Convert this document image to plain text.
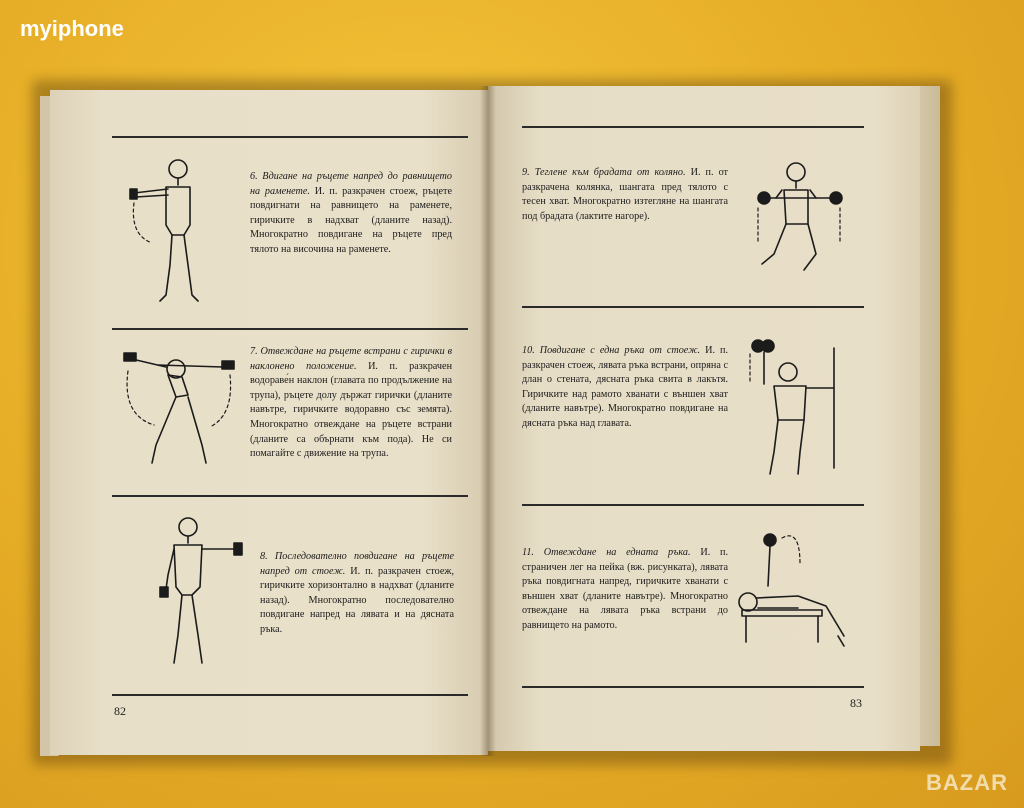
myiphone
BAZAR
6. Вдигане на ръцете напред до равнището на раменете. И. п. разкрачен стоеж, ръцете повдигнати на равнището на раменете, гиричките в надхват (дланите назад). Многократно повдигане на ръцете пред тялото на височина на раменете.
7. Отвеждане на ръцете встрани с гирички в наклонено положение. И. п. разкрачен водораве́н наклон (главата по продължение на трупа), ръцете долу държат гирички (дланите навътре, гиричките водоравно със земята). Многократно отвеждане на ръцете встрани (дланите са обърнати към пода). Не си помагайте с движение на трупа.
8. Последователно повдигане на ръцете напред от стоеж. И. п. разкрачен стоеж, гиричките хоризонтално в надхват (дланите назад). Многократно последователно повдигане напред на лявата и на дясната ръка.
82
9. Теглене към брадата от коляно. И. п. от разкрачена колянка, шангата пред тялото с тесен хват. Многократно изтегляне на шангата под брадата (лактите нагоре).
10. Повдигане с една ръка от стоеж. И. п. разкрачен стоеж, лявата ръка встрани, опряна с длан о стената, дясната ръка свита в лакътя. Гиричките над рамото хванати с външен хват (дланите навътре). Многократно повдигане на дясната ръка над главата.
11. Отвеждане на едната ръка. И. п. страничен лег на пейка (вж. рисунката), лявата ръка повдигната напред, гиричките хванати с външен хват (дланите навътре). Многократно отвеждане на лявата ръка встрани до равнището на рамото.
83
